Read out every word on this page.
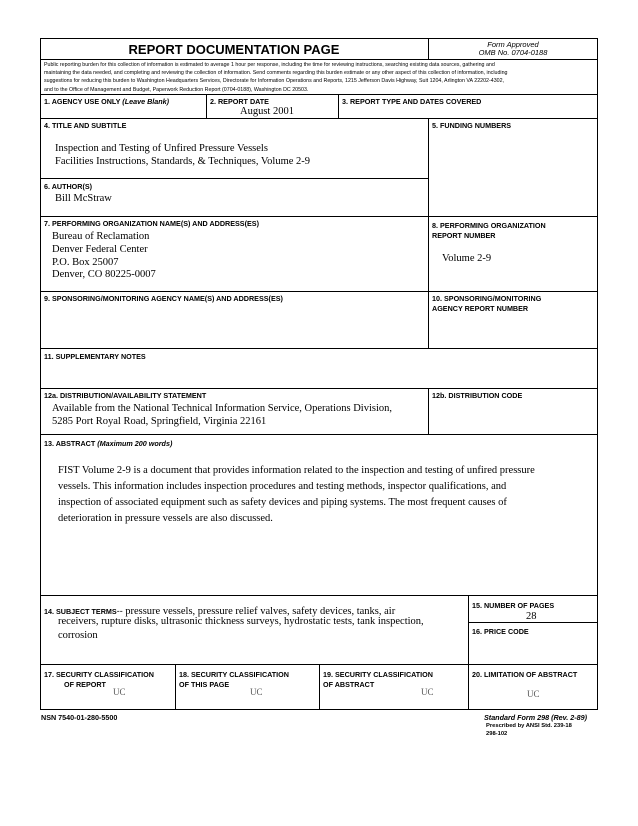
REPORT DOCUMENTATION PAGE	Form Approved
OMB No. 0704-0188
Public reporting burden for this collection of information is estimated to average 1 hour per response, including the time for reviewing instructions, searching existing data sources, gathering and
maintaining the data needed, and completing and reviewing the collection of information. Send comments regarding this burden estimate or any other aspect of this collection of information, including
suggestions for reducing this burden to Washington Headquarters Services, Directorate for Information Operations and Reports, 1215 Jefferson Davis Highway, Suit 1204, Arlington VA 22202-4302,
and to the Office of Management and Budget, Paperwork Reduction Report (0704-0188), Washington DC 20503.
1. AGENCY USE ONLY (Leave Blank)	2. REPORT DATE
August 2001
3. REPORT TYPE AND DATES COVERED
4. TITLE AND SUBTITLE
Inspection and Testing of Unfired Pressure Vessels
Facilities Instructions, Standards, & Techniques, Volume 2-9
5. FUNDING NUMBERS
6. AUTHOR(S)
Bill McStraw
7. PERFORMING ORGANIZATION NAME(S) AND ADDRESS(ES)
Bureau of Reclamation
Denver Federal Center
P.O. Box 25007
Denver, CO 80225-0007
8. PERFORMING ORGANIZATION
REPORT NUMBER
Volume 2-9
9. SPONSORING/MONITORING AGENCY NAME(S) AND ADDRESS(ES)	10. SPONSORING/MONITORING
AGENCY REPORT NUMBER
11. SUPPLEMENTARY NOTES
12a. DISTRIBUTION/AVAILABILITY STATEMENT
Available from the National Technical Information Service, Operations Division,
5285 Port Royal Road, Springfield, Virginia 22161
12b. DISTRIBUTION CODE
13. ABSTRACT (Maximum 200 words)
FIST Volume 2-9 is a document that provides information related to the inspection and testing of unfired pressure
vessels. This information includes inspection procedures and testing methods, inspector qualifications, and
inspection of associated equipment such as safety devices and piping systems. The most frequent causes of
deterioration in pressure vessels are also discussed.
14. SUBJECT TERMS-- pressure vessels, pressure relief valves, safety devices, tanks, air
receivers, rupture disks, ultrasonic thickness surveys, hydrostatic tests, tank inspection,
corrosion
15. NUMBER OF PAGES
28
16. PRICE CODE
17. SECURITY CLASSIFICATION
OF REPORT
UC
18. SECURITY CLASSIFICATION
OF THIS PAGE
UC
19. SECURITY CLASSIFICATION
OF ABSTRACT
UC
20. LIMITATION OF ABSTRACT
UC
NSN 7540-01-280-5500	Standard Form 298 (Rev. 2-89)
Prescribed by ANSI Std. 239-18
298-102
